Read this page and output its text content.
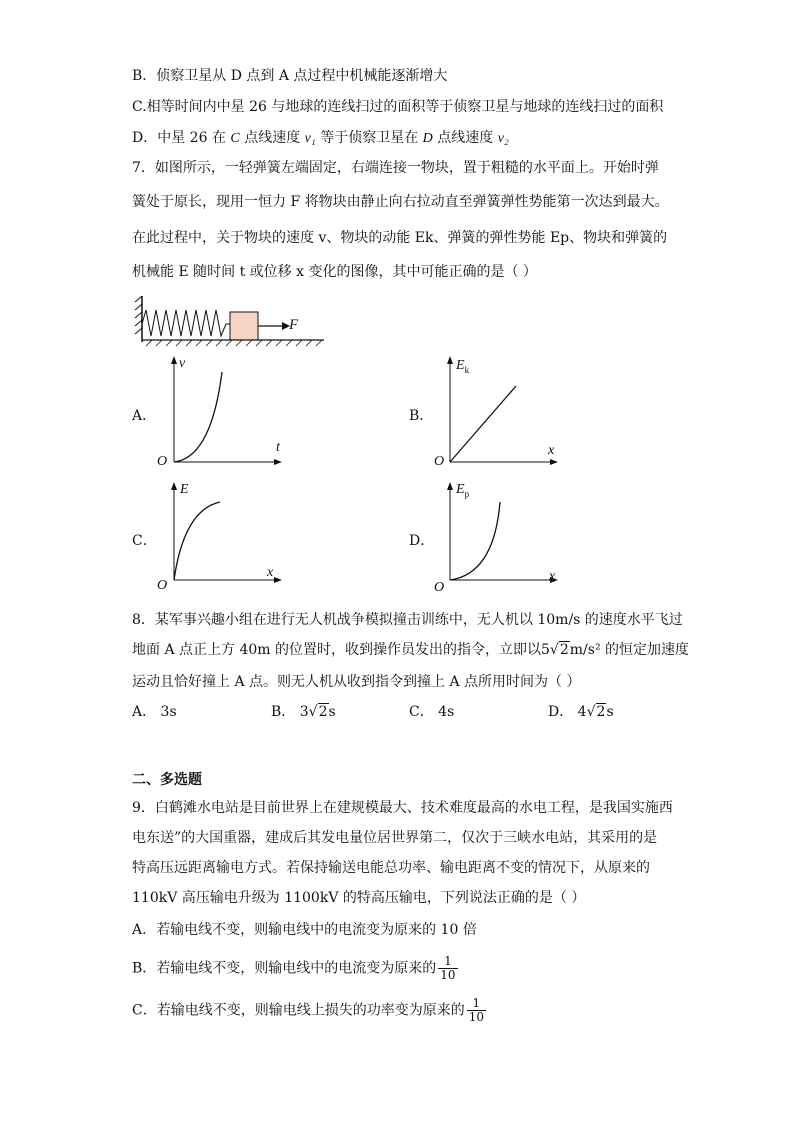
B．侦察卫星从 D 点到 A 点过程中机械能逐渐增大
C.相等时间内中星 26 与地球的连线扫过的面积等于侦察卫星与地球的连线扫过的面积
D．中星 26 在 C 点线速度 v₁ 等于侦察卫星在 D 点线速度 v₂
7．如图所示，一轻弹簧左端固定，右端连接一物块，置于粗糙的水平面上。开始时弹
簧处于原长，现用一恒力 F 将物块由静止向右拉动直至弹簧弹性势能第一次达到最大。
在此过程中，关于物块的速度 v、物块的动能 Ek、弹簧的弹性势能 Ep、物块和弹簧的
机械能 E 随时间 t 或位移 x 变化的图像，其中可能正确的是（ ）
F
A．
v
t
O
B．
$E_k$
x
O
C．
E
x
O
D．
$E_p$
x
O
8．某军事兴趣小组在进行无人机战争模拟撞击训练中，无人机以 10m/s 的速度水平飞过
地面 A 点正上方 40m 的位置时，收到操作员发出的指令，立即以5√2m/s² 的恒定加速度
运动且恰好撞上 A 点。则无人机从收到指令到撞上 A 点所用时间为（ ）
A． 3s	B． 3√2s	C． 4s	D． 4√2s
二、多选题
9．白鹤滩水电站是目前世界上在建规模最大、技术难度最高的水电工程，是我国实施西
电东送”的大国重器，建成后其发电量位居世界第二，仅次于三峡水电站，其采用的是
特高压远距离输电方式。若保持输送电能总功率、输电距离不变的情况下，从原来的
110kV 高压输电升级为 1100kV 的特高压输电，下列说法正确的是（ ）
A．若输电线不变，则输电线中的电流变为原来的 10 倍
B．若输电线不变，则输电线中的电流变为原来的 $\frac{1}{10}$
C．若输电线不变，则输电线上损失的功率变为原来的 $\frac{1}{10}$
